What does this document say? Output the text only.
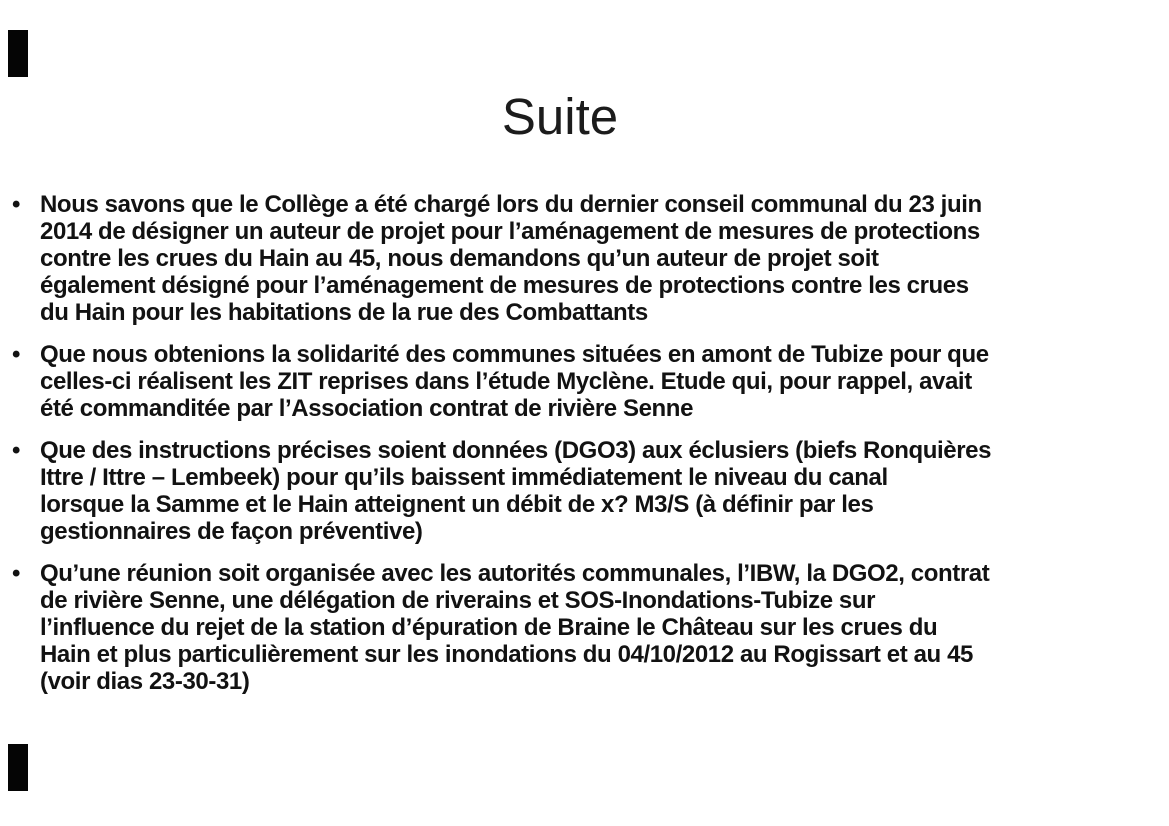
Suite
• Nous savons que le Collège a été chargé lors du dernier conseil communal du 23 juin
2014 de désigner un auteur de projet pour l’aménagement de mesures de protections
contre les crues du Hain au 45, nous demandons qu’un auteur de projet soit
également désigné pour l’aménagement de mesures de protections contre les crues
du Hain pour les habitations de la rue des Combattants
• Que nous obtenions la solidarité des communes situées en amont de Tubize pour que
celles-ci réalisent les ZIT reprises dans l’étude Myclène. Etude qui, pour rappel, avait
été commanditée par l’Association contrat de rivière Senne
• Que des instructions précises soient données (DGO3) aux éclusiers (biefs Ronquières
Ittre / Ittre – Lembeek) pour qu’ils baissent immédiatement le niveau du canal
lorsque la Samme et le Hain atteignent un débit de x? M3/S (à définir par les
gestionnaires de façon préventive)
• Qu’une réunion soit organisée avec les autorités communales, l’IBW, la DGO2, contrat
de rivière Senne, une délégation de riverains et SOS-Inondations-Tubize sur
l’influence du rejet de la station d’épuration de Braine le Château sur les crues du
Hain et plus particulièrement sur les inondations du 04/10/2012 au Rogissart et au 45
(voir dias 23-30-31)
